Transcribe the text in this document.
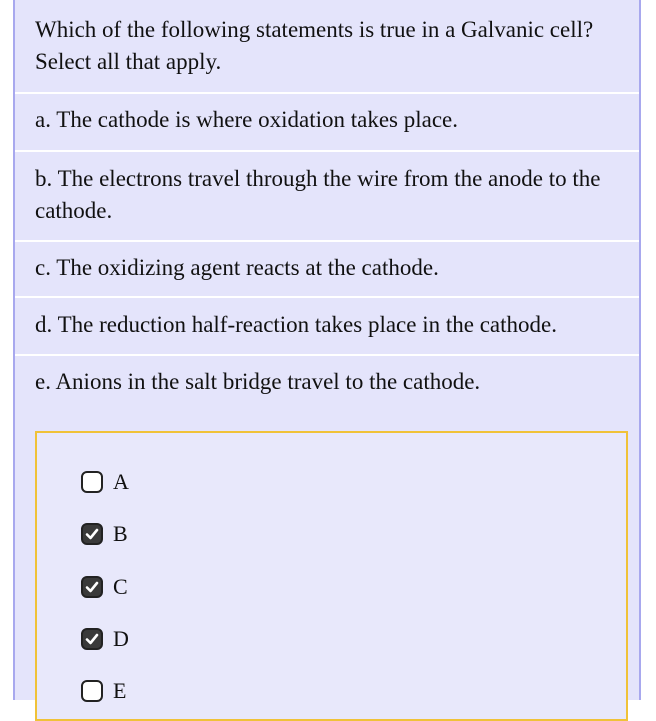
Which of the following statements is true in a Galvanic cell? Select all that apply.
a. The cathode is where oxidation takes place.
b. The electrons travel through the wire from the anode to the cathode.
c. The oxidizing agent reacts at the cathode.
d. The reduction half-reaction takes place in the cathode.
e. Anions in the salt bridge travel to the cathode.
A
B
C
D
E
